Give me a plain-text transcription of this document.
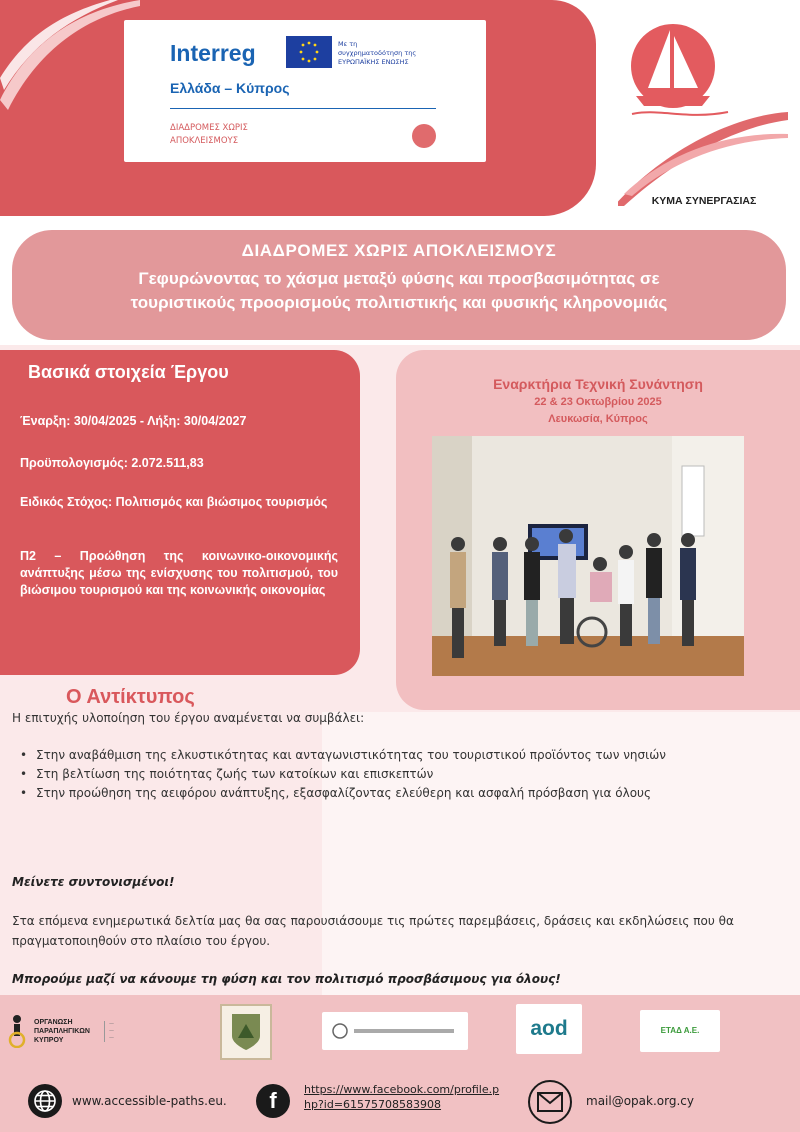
Interreg	Με τη συγχρηματοδότηση της ΕΥΡΩΠΑΪΚΗΣ ΕΝΩΣΗΣ
Ελλάδα – Κύπρος
ΔΙΑΔΡΟΜΕΣ ΧΩΡΙΣ ΑΠΟΚΛΕΙΣΜΟΥΣ
ΚΥΜΑ ΣΥΝΕΡΓΑΣΙΑΣ
ΔΙΑΔΡΟΜΕΣ ΧΩΡΙΣ ΑΠΟΚΛΕΙΣΜΟΥΣ
Γεφυρώνοντας το χάσμα μεταξύ φύσης και προσβασιμότητας σε
τουριστικούς προορισμούς πολιτιστικής και φυσικής κληρονομιάς
Βασικά στοιχεία Έργου
Έναρξη: 30/04/2025 - Λήξη: 30/04/2027
Προϋπολογισμός: 2.072.511,83
Ειδικός Στόχος: Πολιτισμός και βιώσιμος τουρισμός
Π2 – Προώθηση της κοινωνικο-οικονομικής ανάπτυξης μέσω της ενίσχυσης του πολιτισμού, του βιώσιμου τουρισμού και της κοινωνικής οικονομίας
Εναρκτήρια Τεχνική Συνάντηση
22 & 23 Οκτωβρίου 2025
Λευκωσία, Κύπρος
Ο Αντίκτυπος
Η επιτυχής υλοποίηση του έργου αναμένεται να συμβάλει:
• Στην αναβάθμιση της ελκυστικότητας και ανταγωνιστικότητας του τουριστικού προϊόντος των νησιών
• Στη βελτίωση της ποιότητας ζωής των κατοίκων και επισκεπτών
• Στην προώθηση της αειφόρου ανάπτυξης, εξασφαλίζοντας ελεύθερη και ασφαλή πρόσβαση για όλους
Μείνετε συντονισμένοι!
Στα επόμενα ενημερωτικά δελτία μας θα σας παρουσιάσουμε τις πρώτες παρεμβάσεις, δράσεις και εκδηλώσεις που θα πραγματοποιηθούν στο πλαίσιο του έργου.
Μπορούμε μαζί να κάνουμε τη φύση και τον πολιτισμό προσβάσιμους για όλους!
ΟΡΓΑΝΩΣΗ ΠΑΡΑΠΛΗΓΙΚΩΝ ΚΥΠΡΟΥ
—
—
—	aod	ΕΤΑΔ Α.Ε.
www.accessible-paths.eu.	f	https://www.facebook.com/profile.php?id=61575708583908	mail@opak.org.cy
